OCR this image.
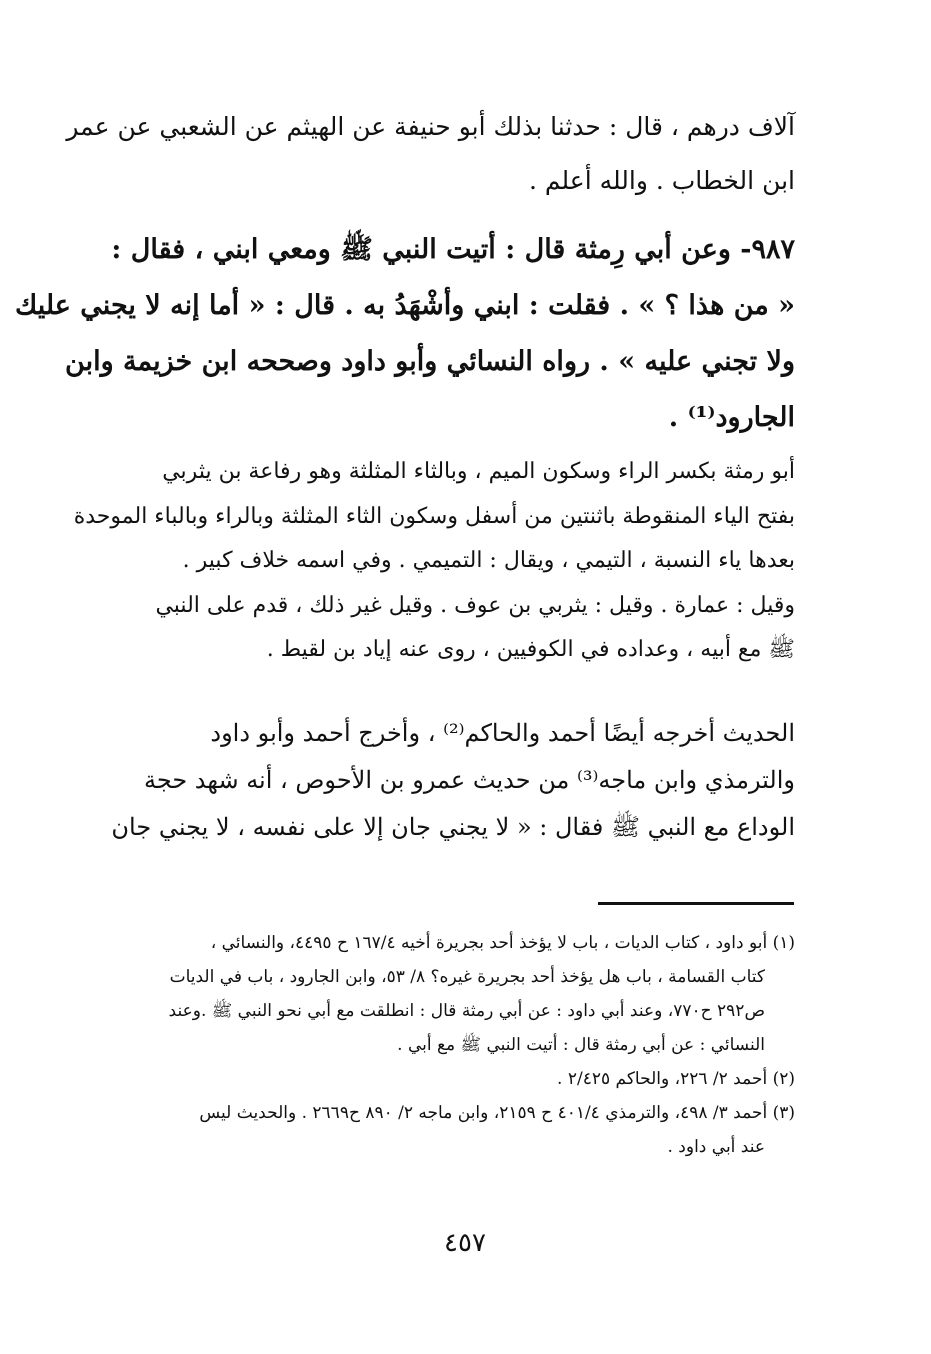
آلاف درهم ، قال : حدثنا بذلك أبو حنيفة عن الهيثم عن الشعبي عن عمر
ابن الخطاب . والله أعلم .
٩٨٧- وعن أبي رِمثة قال : أتيت النبي ﷺ ومعي ابني ، فقال :
« من هذا ؟ » . فقلت : ابني وأشْهَدُ به . قال : « أما إنه لا يجني عليك
ولا تجني عليه » . رواه النسائي وأبو داود وصححه ابن خزيمة وابن
الجارود⁽¹⁾ .
أبو رمثة بكسر الراء وسكون الميم ، وبالثاء المثلثة وهو رفاعة بن يثربي
بفتح الياء المنقوطة باثنتين من أسفل وسكون الثاء المثلثة وبالراء وبالباء الموحدة
بعدها ياء النسبة ، التيمي ، ويقال : التميمي . وفي اسمه خلاف كبير .
وقيل : عمارة . وقيل : يثربي بن عوف . وقيل غير ذلك ، قدم على النبي
ﷺ مع أبيه ، وعداده في الكوفيين ، روى عنه إياد بن لقيط .
الحديث أخرجه أيضًا أحمد والحاكم⁽²⁾ ، وأخرج أحمد وأبو داود
والترمذي وابن ماجه⁽³⁾ من حديث عمرو بن الأحوص ، أنه شهد حجة
الوداع مع النبي ﷺ فقال : « لا يجني جان إلا على نفسه ، لا يجني جان
(١) أبو داود ، كتاب الديات ، باب لا يؤخذ أحد بجريرة أخيه ١٦٧/٤ ح ٤٤٩٥، والنسائي ،
كتاب القسامة ، باب هل يؤخذ أحد بجريرة غيره؟ ٨/ ٥٣، وابن الجارود ، باب في الديات
ص٢٩٢ ح٧٧٠، وعند أبي داود : عن أبي رمثة قال : انطلقت مع أبي نحو النبي ﷺ .وعند
النسائي : عن أبي رمثة قال : أتيت النبي ﷺ مع أبي .
(٢) أحمد ٢/ ٢٢٦، والحاكم ٢/٤٢٥ .
(٣) أحمد ٣/ ٤٩٨، والترمذي ٤٠١/٤ ح ٢١٥٩، وابن ماجه ٢/ ٨٩٠ ح٢٦٦٩ . والحديث ليس
عند أبي داود .
٤٥٧
